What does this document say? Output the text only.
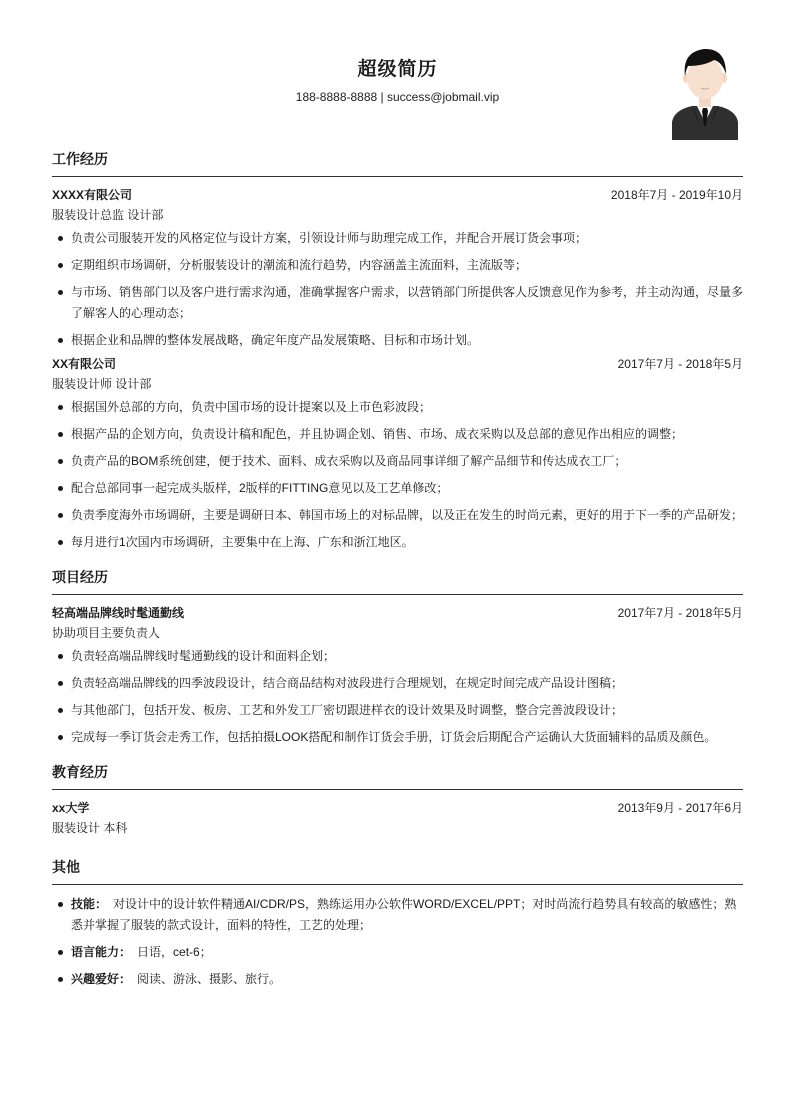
超级简历
188-8888-8888 | success@jobmail.vip
工作经历
XXXX有限公司	2018年7月 - 2019年10月
服装设计总监 设计部
负责公司服装开发的风格定位与设计方案，引领设计师与助理完成工作，并配合开展订货会事项；
定期组织市场调研，分析服装设计的潮流和流行趋势，内容涵盖主流面料，主流版等；
与市场、销售部门以及客户进行需求沟通，准确掌握客户需求，以营销部门所提供客人反馈意见作为参考，并主动沟通，尽量多了解客人的心理动态；
根据企业和品牌的整体发展战略，确定年度产品发展策略、目标和市场计划。
XX有限公司	2017年7月 - 2018年5月
服装设计师 设计部
根据国外总部的方向，负责中国市场的设计提案以及上市色彩波段；
根据产品的企划方向，负责设计稿和配色，并且协调企划、销售、市场、成衣采购以及总部的意见作出相应的调整；
负责产品的BOM系统创建，便于技术、面料、成衣采购以及商品同事详细了解产品细节和传达成衣工厂；
配合总部同事一起完成头版样，2版样的FITTING意见以及工艺单修改；
负责季度海外市场调研，主要是调研日本、韩国市场上的对标品牌，以及正在发生的时尚元素，更好的用于下一季的产品研发；
每月进行1次国内市场调研，主要集中在上海、广东和浙江地区。
项目经历
轻高端品牌线时髦通勤线	2017年7月 - 2018年5月
协助项目主要负责人
负责轻高端品牌线时髦通勤线的设计和面料企划；
负责轻高端品牌线的四季波段设计，结合商品结构对波段进行合理规划，在规定时间完成产品设计图稿；
与其他部门，包括开发、板房、工艺和外发工厂密切跟进样衣的设计效果及时调整，整合完善波段设计；
完成每一季订货会走秀工作，包括拍摄LOOK搭配和制作订货会手册，订货会后期配合产运确认大货面辅料的品质及颜色。
教育经历
xx大学	2013年9月 - 2017年6月
服装设计 本科
其他
技能： 对设计中的设计软件精通AI/CDR/PS，熟练运用办公软件WORD/EXCEL/PPT；对时尚流行趋势具有较高的敏感性；熟悉并掌握了服装的款式设计，面料的特性，工艺的处理；
语言能力： 日语，cet-6；
兴趣爱好： 阅读、游泳、摄影、旅行。
